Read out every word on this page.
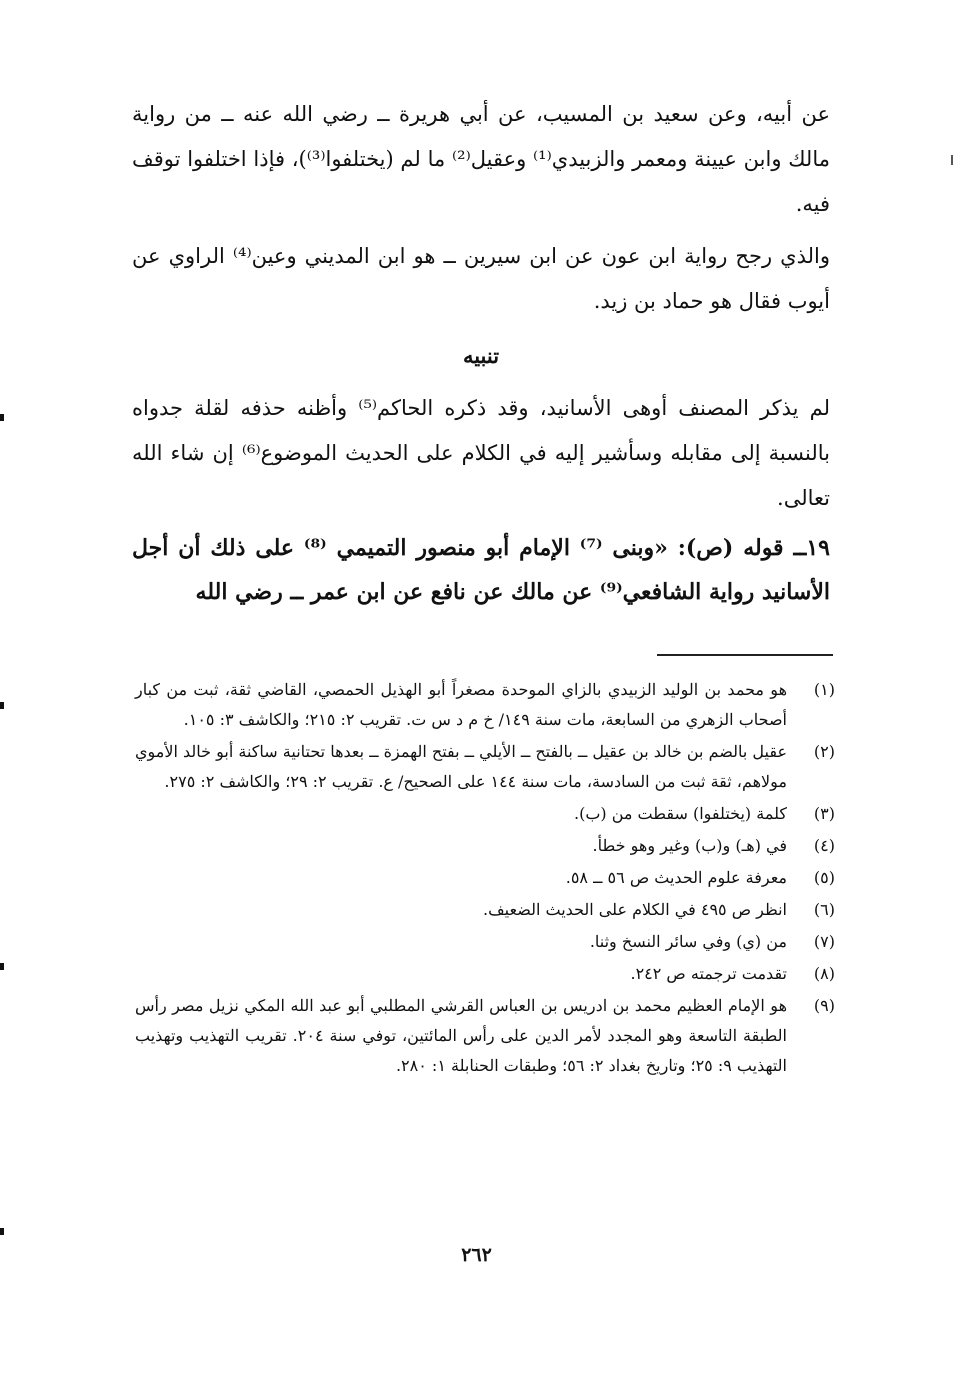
عن أبيه، وعن سعيد بن المسيب، عن أبي هريرة ــ رضي الله عنه ــ من رواية مالك وابن عيينة ومعمر والزبيدي⁽¹⁾ وعقيل⁽²⁾ ما لم (يختلفوا⁽³⁾)، فإذا اختلفوا توقف فيه.

والذي رجح رواية ابن عون عن ابن سيرين ــ هو ابن المديني وعين⁽⁴⁾ الراوي عن أيوب فقال هو حماد بن زيد.

تنبيه

لم يذكر المصنف أوهى الأسانيد، وقد ذكره الحاكم⁽⁵⁾ وأظنه حذفه لقلة جدواه بالنسبة إلى مقابله وسأشير إليه في الكلام على الحديث الموضوع⁽⁶⁾ إن شاء الله تعالى.

١٩ــ قوله (ص): «وبنى ⁽⁷⁾ الإمام أبو منصور التميمي ⁽⁸⁾ على ذلك أن أجل الأسانيد رواية الشافعي⁽⁹⁾ عن مالك عن نافع عن ابن عمر ــ رضي الله

(١)
هو محمد بن الوليد الزبيدي بالزاي الموحدة مصغراً أبو الهذيل الحمصي، القاضي ثقة، ثبت من كبار أصحاب الزهري من السابعة، مات سنة ١٤٩/ خ م د س ت. تقريب ٢: ٢١٥؛ والكاشف ٣: ١٠٥.
(٢)
عقيل بالضم بن خالد بن عقيل ــ بالفتح ــ الأيلي ــ بفتح الهمزة ــ بعدها تحتانية ساكنة أبو خالد الأموي مولاهم، ثقة ثبت من السادسة، مات سنة ١٤٤ على الصحيح/ ع. تقريب ٢: ٢٩؛ والكاشف ٢: ٢٧٥.
(٣)
كلمة (يختلفوا) سقطت من (ب).
(٤)
في (هـ) و(ب) وغير وهو خطأ.
(٥)
معرفة علوم الحديث ص ٥٦ ــ ٥٨.
(٦)
انظر ص ٤٩٥ في الكلام على الحديث الضعيف.
(٧)
من (ي) وفي سائر النسخ وثنا.
(٨)
تقدمت ترجمته ص ٢٤٢.
(٩)
هو الإمام العظيم محمد بن ادريس بن العباس القرشي المطلبي أبو عبد الله المكي نزيل مصر رأس الطبقة التاسعة وهو المجدد لأمر الدين على رأس المائتين، توفي سنة ٢٠٤. تقريب التهذيب وتهذيب التهذيب ٩: ٢٥؛ وتاريخ بغداد ٢: ٥٦؛ وطبقات الحنابلة ١: ٢٨٠.
٢٦٢
